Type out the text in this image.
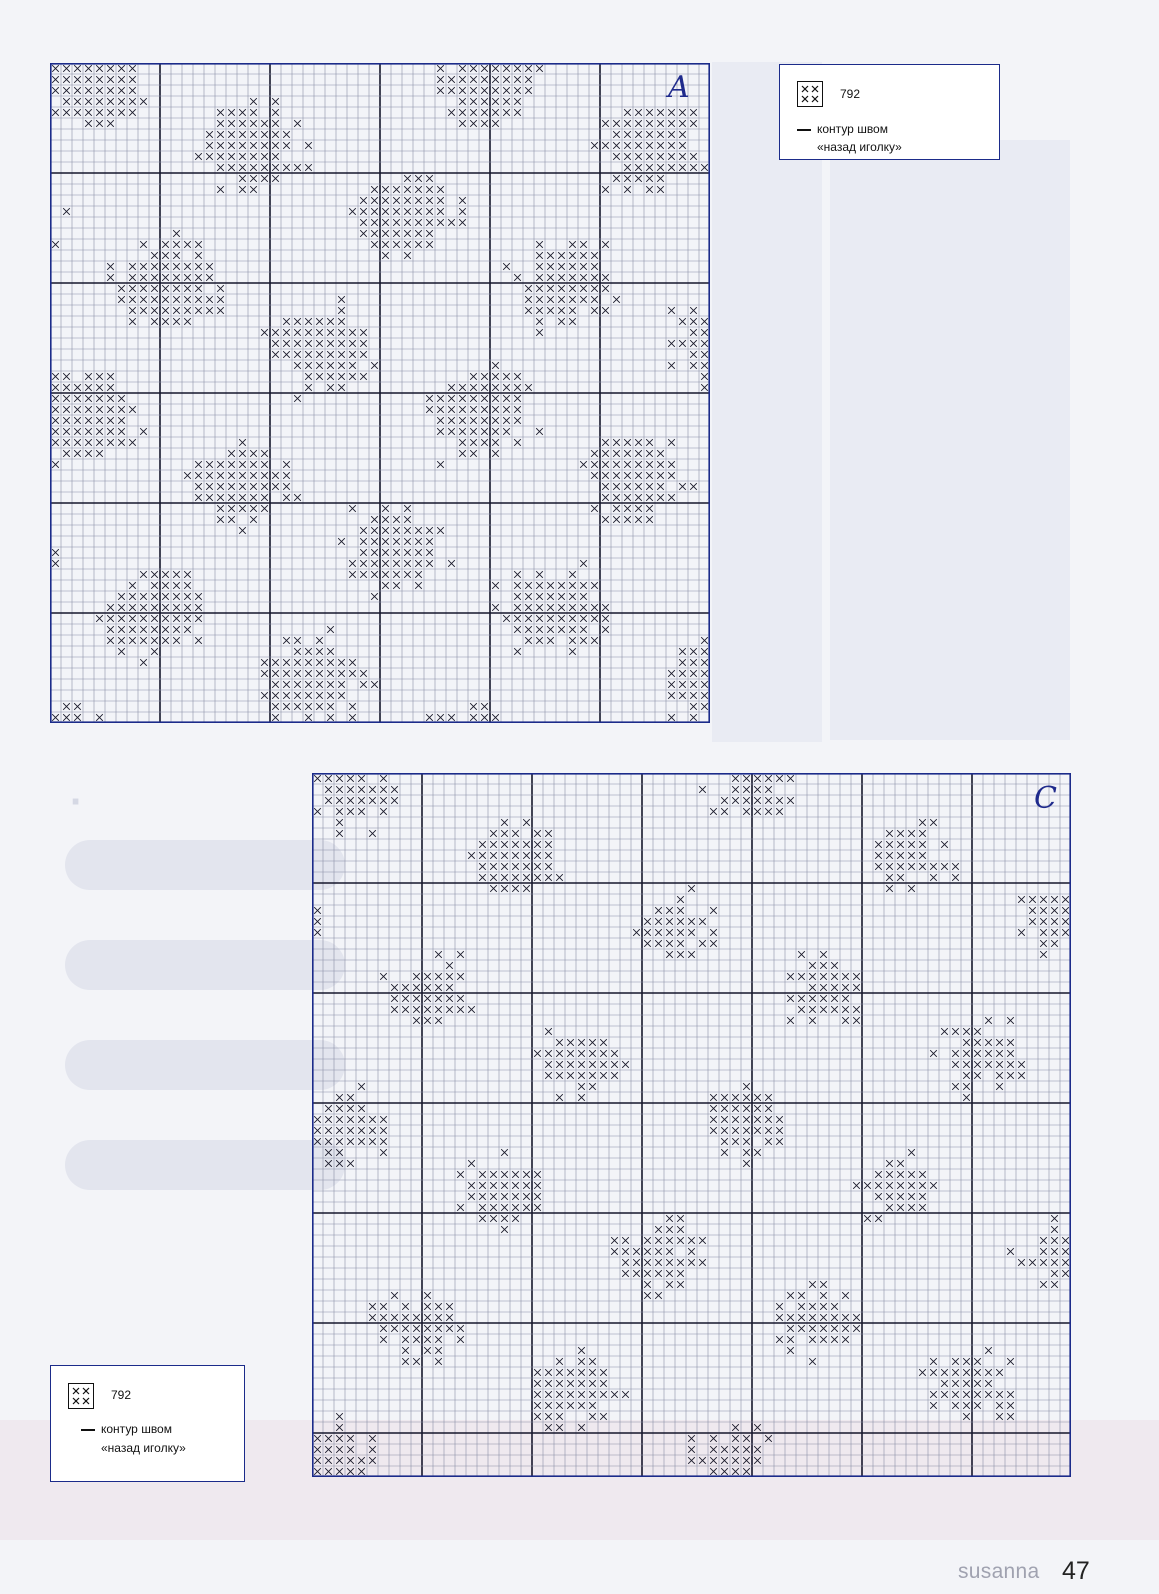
·
A	792
контур швом
«назад иголку»
C
792
контур швом
«назад иголку»
susanna 47
